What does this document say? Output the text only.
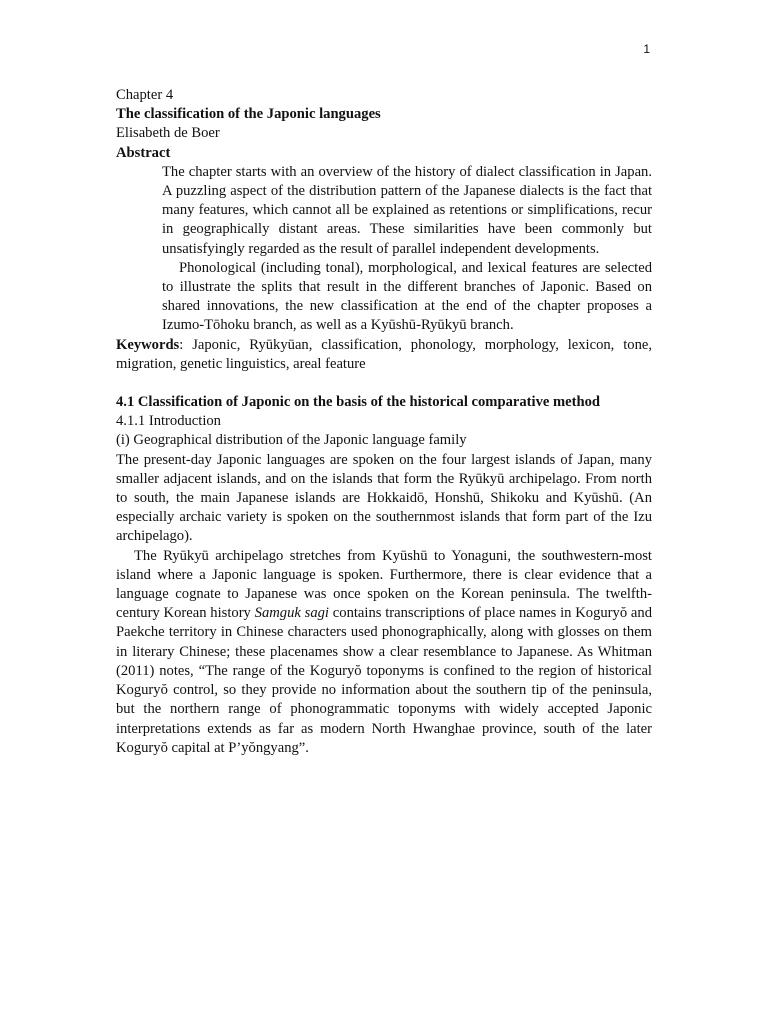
1

Chapter 4

The classification of the Japonic languages

Elisabeth de Boer

Abstract

The chapter starts with an overview of the history of dialect classification in Japan. A puzzling aspect of the distribution pattern of the Japanese dialects is the fact that many features, which cannot all be explained as retentions or simplifications, recur in geographically distant areas. These similarities have been commonly but unsatisfyingly regarded as the result of parallel independent developments.

Phonological (including tonal), morphological, and lexical features are selected to illustrate the splits that result in the different branches of Japonic. Based on shared innovations, the new classification at the end of the chapter proposes a Izumo-Tōhoku branch, as well as a Kyūshū-Ryūkyū branch.

Keywords: Japonic, Ryūkyūan, classification, phonology, morphology, lexicon, tone, migration, genetic linguistics, areal feature

4.1 Classification of Japonic on the basis of the historical comparative method

4.1.1 Introduction

(i) Geographical distribution of the Japonic language family

The present-day Japonic languages are spoken on the four largest islands of Japan, many smaller adjacent islands, and on the islands that form the Ryūkyū archipelago. From north to south, the main Japanese islands are Hokkaidō, Honshū, Shikoku and Kyūshū. (An especially archaic variety is spoken on the southernmost islands that form part of the Izu archipelago).

The Ryūkyū archipelago stretches from Kyūshū to Yonaguni, the southwestern-most island where a Japonic language is spoken. Furthermore, there is clear evidence that a language cognate to Japanese was once spoken on the Korean peninsula. The twelfth-century Korean history Samguk sagi contains transcriptions of place names in Koguryŏ and Paekche territory in Chinese characters used phonographically, along with glosses on them in literary Chinese; these placenames show a clear resemblance to Japanese. As Whitman (2011) notes, “The range of the Koguryŏ toponyms is confined to the region of historical Koguryŏ control, so they provide no information about the southern tip of the peninsula, but the northern range of phonogrammatic toponyms with widely accepted Japonic interpretations extends as far as modern North Hwanghae province, south of the later Koguryŏ capital at P’yŏngyang”.
